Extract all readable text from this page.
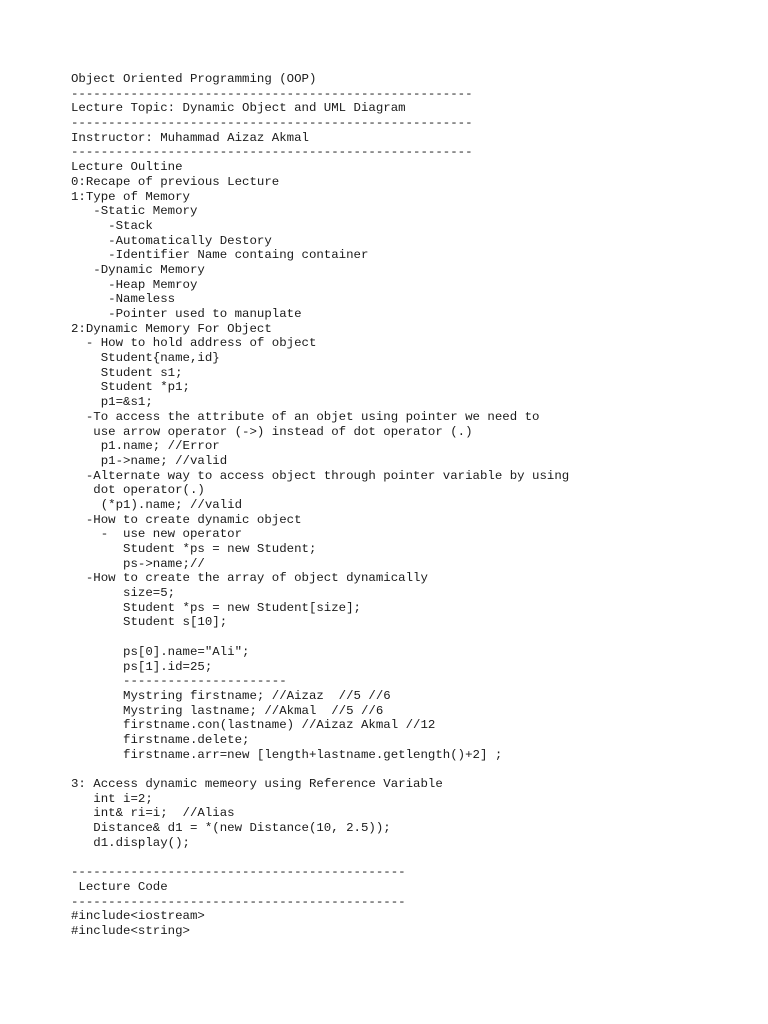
Object Oriented Programming (OOP)
------------------------------------------------------
Lecture Topic: Dynamic Object and UML Diagram
------------------------------------------------------
Instructor: Muhammad Aizaz Akmal
------------------------------------------------------
Lecture Oultine
0:Recape of previous Lecture
1:Type of Memory
-Static Memory
-Stack
-Automatically Destory
-Identifier Name containg container
-Dynamic Memory
-Heap Memroy
-Nameless
-Pointer used to manuplate
2:Dynamic Memory For Object
- How to hold address of object
Student{name,id}
Student s1;
Student *p1;
p1=&s1;
-To access the attribute of an objet using pointer we need to
use arrow operator (->) instead of dot operator (.)
p1.name; //Error
p1->name; //valid
-Alternate way to access object through pointer variable by using
dot operator(.)
(*p1).name; //valid
-How to create dynamic object
-  use new operator
Student *ps = new Student;
ps->name;//
-How to create the array of object dynamically
size=5;
Student *ps = new Student[size];
Student s[10];
ps[0].name="Ali";
ps[1].id=25;
----------------------
Mystring firstname; //Aizaz  //5 //6
Mystring lastname; //Akmal  //5 //6
firstname.con(lastname) //Aizaz Akmal //12
firstname.delete;
firstname.arr=new [length+lastname.getlength()+2] ;
3: Access dynamic memeory using Reference Variable
int i=2;
int& ri=i;  //Alias
Distance& d1 = *(new Distance(10, 2.5));
d1.display();
---------------------------------------------
Lecture Code
---------------------------------------------
#include<iostream>
#include<string>
